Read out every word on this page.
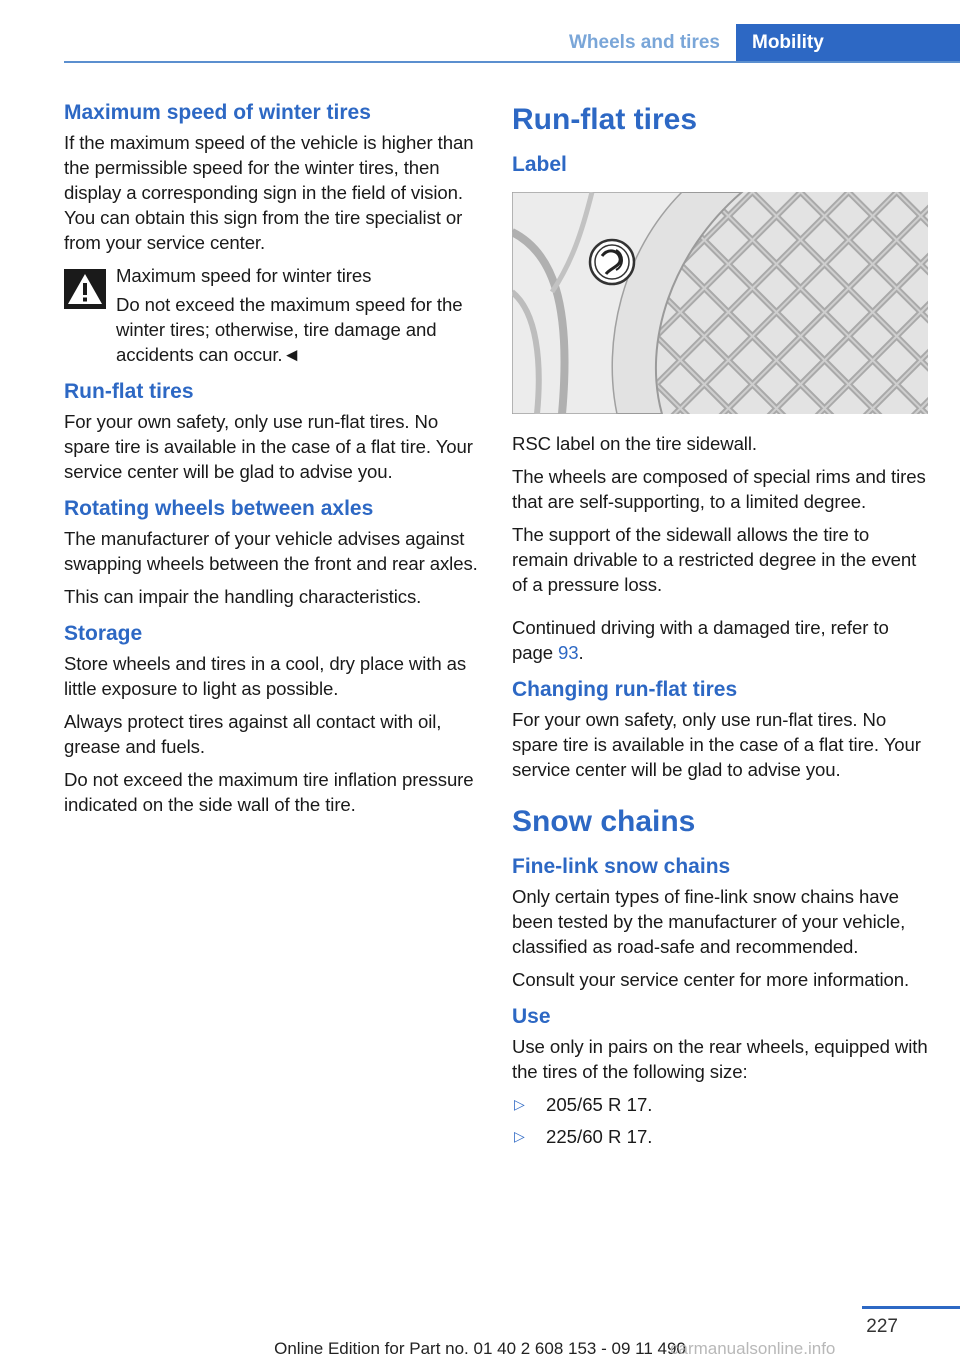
Wheels and tires	Mobility
Maximum speed of winter tires

If the maximum speed of the vehicle is higher than the permissible speed for the winter tires, then display a corresponding sign in the field of vision. You can obtain this sign from the tire specialist or from your service center.

Maximum speed for winter tires

Do not exceed the maximum speed for the winter tires; otherwise, tire damage and accidents can occur.◄

Run-flat tires

For your own safety, only use run-flat tires. No spare tire is available in the case of a flat tire. Your service center will be glad to advise you.

Rotating wheels between axles

The manufacturer of your vehicle advises against swapping wheels between the front and rear axles.

This can impair the handling characteristics.

Storage

Store wheels and tires in a cool, dry place with as little exposure to light as possible.

Always protect tires against all contact with oil, grease and fuels.

Do not exceed the maximum tire inflation pressure indicated on the side wall of the tire.

Run-flat tires
Label

RSC label on the tire sidewall.

The wheels are composed of special rims and tires that are self-supporting, to a limited degree.

The support of the sidewall allows the tire to remain drivable to a restricted degree in the event of a pressure loss.

Continued driving with a damaged tire, refer to page 93.

Changing run-flat tires

For your own safety, only use run-flat tires. No spare tire is available in the case of a flat tire. Your service center will be glad to advise you.

Snow chains
Fine-link snow chains

Only certain types of fine-link snow chains have been tested by the manufacturer of your vehicle, classified as road-safe and recommended.

Consult your service center for more information.

Use

Use only in pairs on the rear wheels, equipped with the tires of the following size:

▷	205/65 R 17.
▷	225/60 R 17.
227
Online Edition for Part no. 01 40 2 608 153 - 09 11 490
carmanualsonline.info
